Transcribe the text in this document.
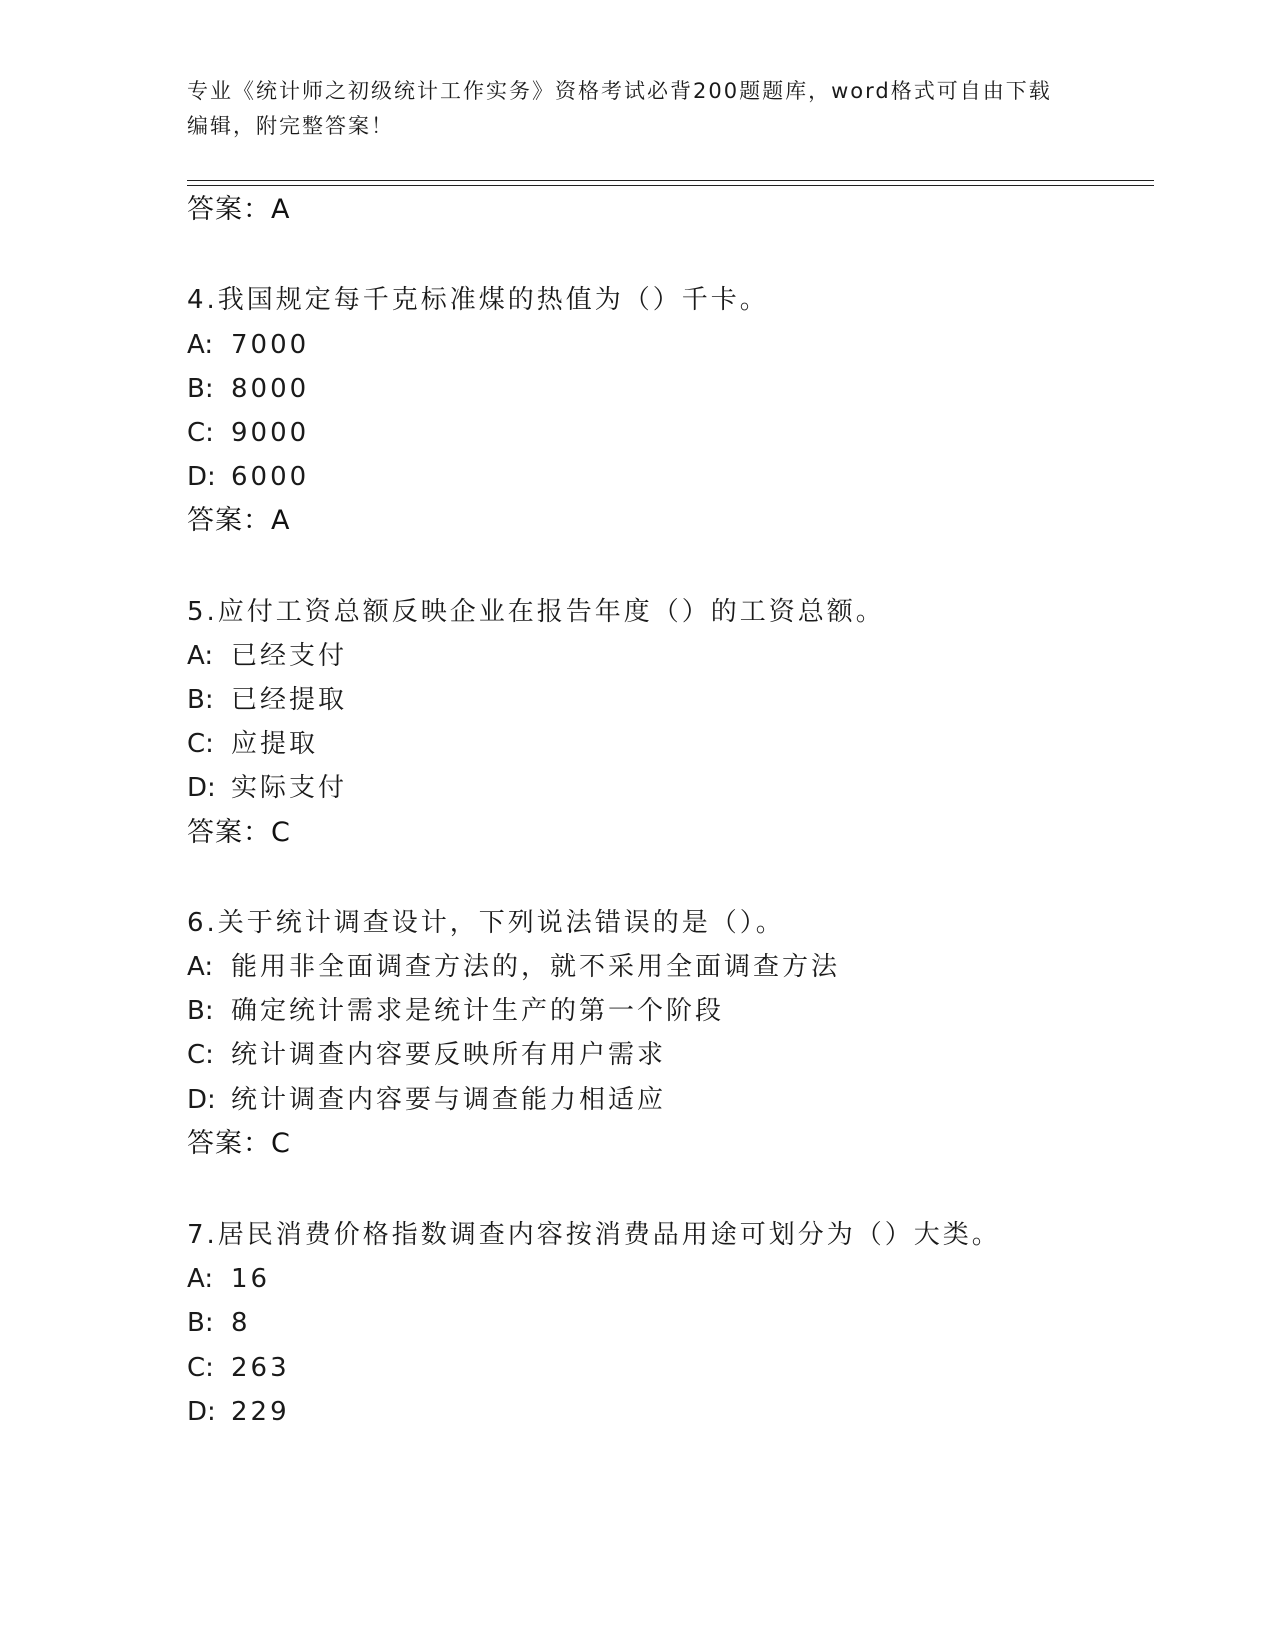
专业《统计师之初级统计工作实务》资格考试必背200题题库，word格式可自由下载编辑，附完整答案！
答案：A
4.我国规定每千克标准煤的热值为（）千卡。
A: 7000
B: 8000
C: 9000
D: 6000
答案：A
5.应付工资总额反映企业在报告年度（）的工资总额。
A: 已经支付
B: 已经提取
C: 应提取
D: 实际支付
答案：C
6.关于统计调查设计，下列说法错误的是（）。
A: 能用非全面调查方法的，就不采用全面调查方法
B: 确定统计需求是统计生产的第一个阶段
C: 统计调查内容要反映所有用户需求
D: 统计调查内容要与调查能力相适应
答案：C
7.居民消费价格指数调查内容按消费品用途可划分为（）大类。
A: 16
B: 8
C: 263
D: 229
